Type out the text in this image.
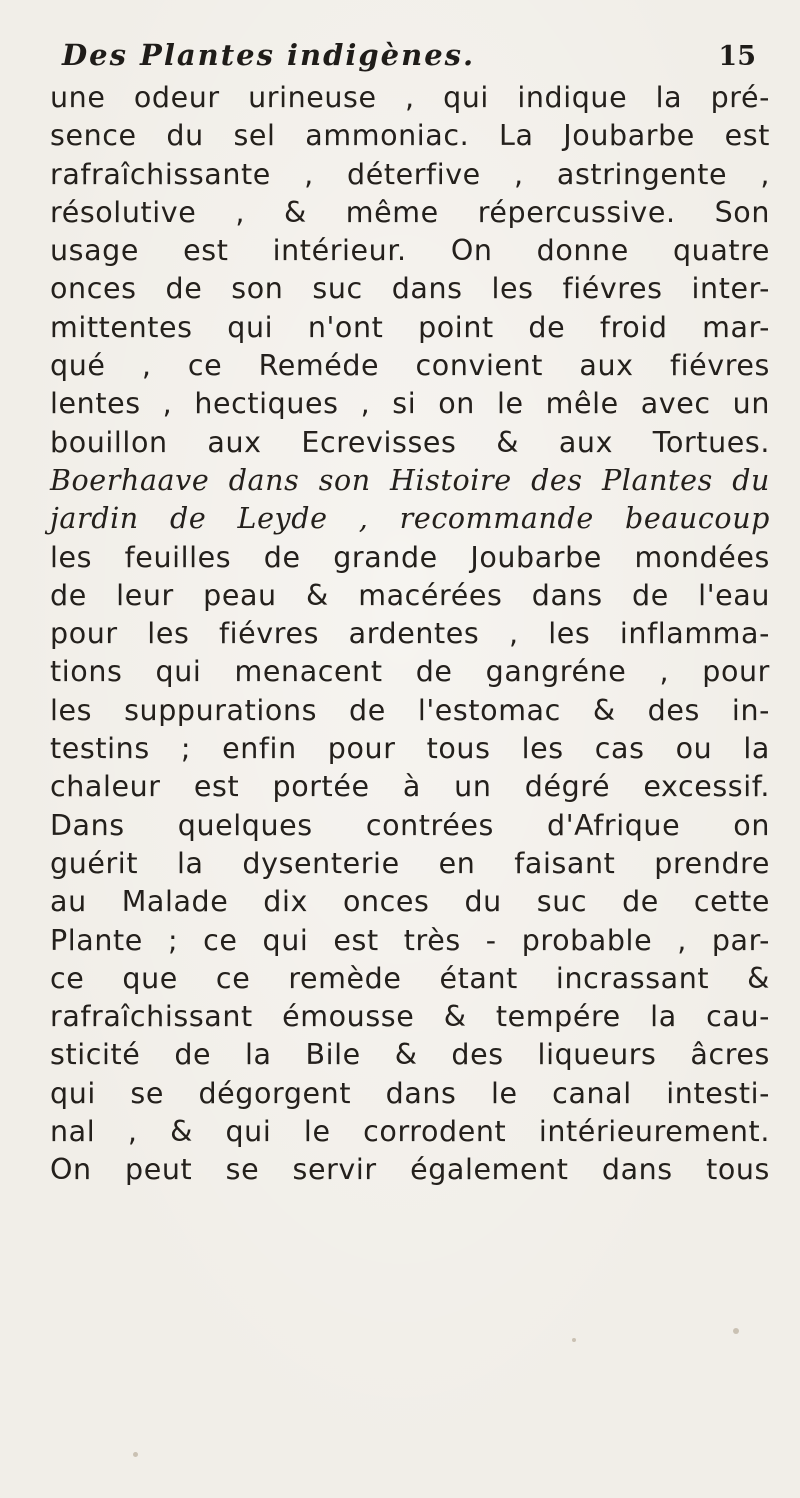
Des Plantes indigènes.	15
une odeur urineuse , qui indique la pré-
sence du sel ammoniac. La Joubarbe est
rafraîchissante , déterfive , astringente ,
résolutive , & même répercussive. Son
usage est intérieur. On donne quatre
onces de son suc dans les fiévres inter-
mittentes qui n'ont point de froid mar-
qué , ce Reméde convient aux fiévres
lentes , hectiques , si on le mêle avec un
bouillon aux Ecrevisses & aux Tortues.
Boerhaave dans son Histoire des Plantes du
jardin de Leyde , recommande beaucoup
les feuilles de grande Joubarbe mondées
de leur peau & macérées dans de l'eau
pour les fiévres ardentes , les inflamma-
tions qui menacent de gangréne , pour
les suppurations de l'estomac & des in-
testins ; enfin pour tous les cas ou la
chaleur est portée à un dégré excessif.
Dans quelques contrées d'Afrique on
guérit la dysenterie en faisant prendre
au Malade dix onces du suc de cette
Plante ; ce qui est très - probable , par-
ce que ce remède étant incrassant &
rafraîchissant émousse & tempére la cau-
sticité de la Bile & des liqueurs âcres
qui se dégorgent dans le canal intesti-
nal , & qui le corrodent intérieurement.
On peut se servir également dans tous
